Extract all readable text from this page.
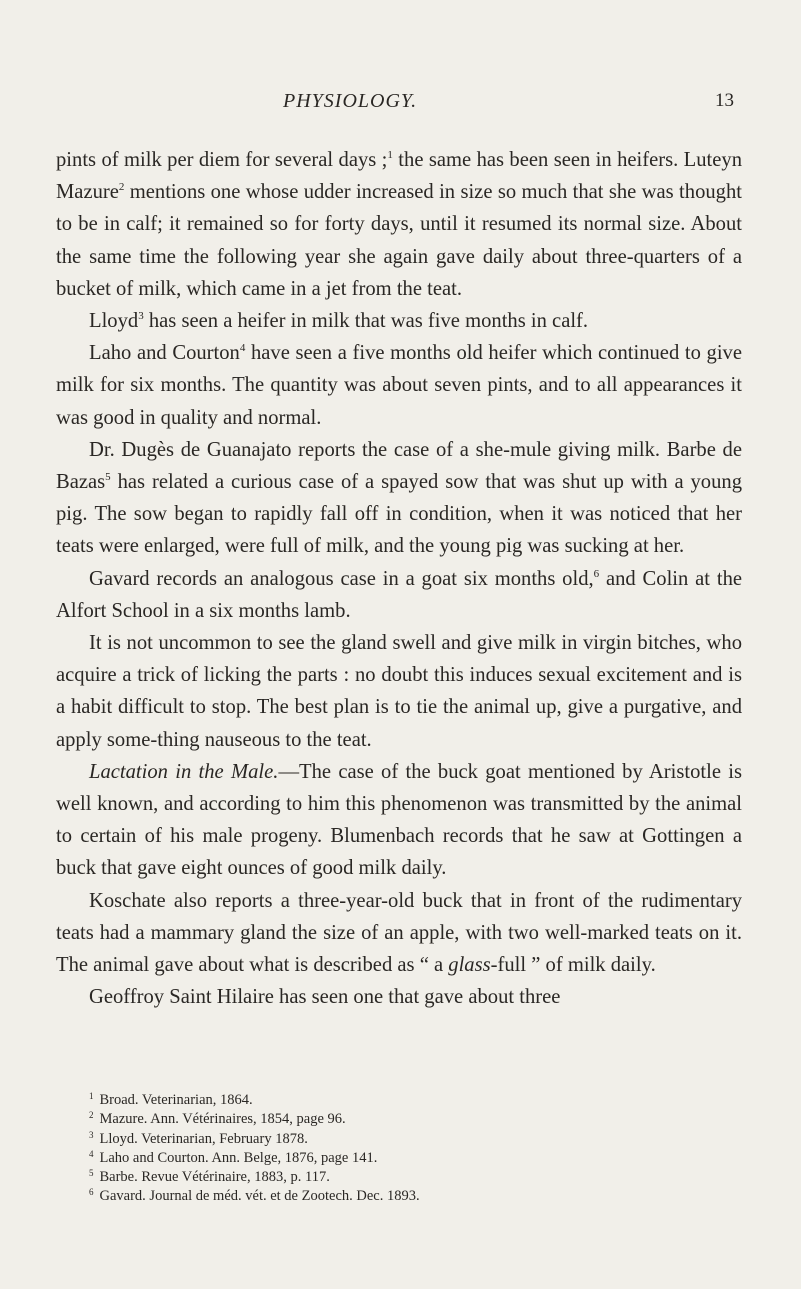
PHYSIOLOGY.	13

pints of milk per diem for several days ;$^1$ the same has been seen in heifers. Luteyn Mazure$^2$ mentions one whose udder increased in size so much that she was thought to be in calf; it remained so for forty days, until it resumed its normal size. About the same time the following year she again gave daily about three-quarters of a bucket of milk, which came in a jet from the teat.

Lloyd$^3$ has seen a heifer in milk that was five months in calf.

Laho and Courton$^4$ have seen a five months old heifer which continued to give milk for six months. The quantity was about seven pints, and to all appearances it was good in quality and normal.

Dr. Dugès de Guanajato reports the case of a she-mule giving milk. Barbe de Bazas$^5$ has related a curious case of a spayed sow that was shut up with a young pig. The sow began to rapidly fall off in condition, when it was noticed that her teats were enlarged, were full of milk, and the young pig was sucking at her.

Gavard records an analogous case in a goat six months old,$^6$ and Colin at the Alfort School in a six months lamb.

It is not uncommon to see the gland swell and give milk in virgin bitches, who acquire a trick of licking the parts : no doubt this induces sexual excitement and is a habit difficult to stop. The best plan is to tie the animal up, give a purgative, and apply some-thing nauseous to the teat.

Lactation in the Male.—The case of the buck goat mentioned by Aristotle is well known, and according to him this phenomenon was transmitted by the animal to certain of his male progeny. Blumenbach records that he saw at Gottingen a buck that gave eight ounces of good milk daily.

Koschate also reports a three-year-old buck that in front of the rudimentary teats had a mammary gland the size of an apple, with two well-marked teats on it. The animal gave about what is described as “ a glass-full ” of milk daily.

Geoffroy Saint Hilaire has seen one that gave about three

$^1$ Broad. Veterinarian, 1864.
$^2$ Mazure. Ann. Vétérinaires, 1854, page 96.
$^3$ Lloyd. Veterinarian, February 1878.
$^4$ Laho and Courton. Ann. Belge, 1876, page 141.
$^5$ Barbe. Revue Vétérinaire, 1883, p. 117.
$^6$ Gavard. Journal de méd. vét. et de Zootech. Dec. 1893.
